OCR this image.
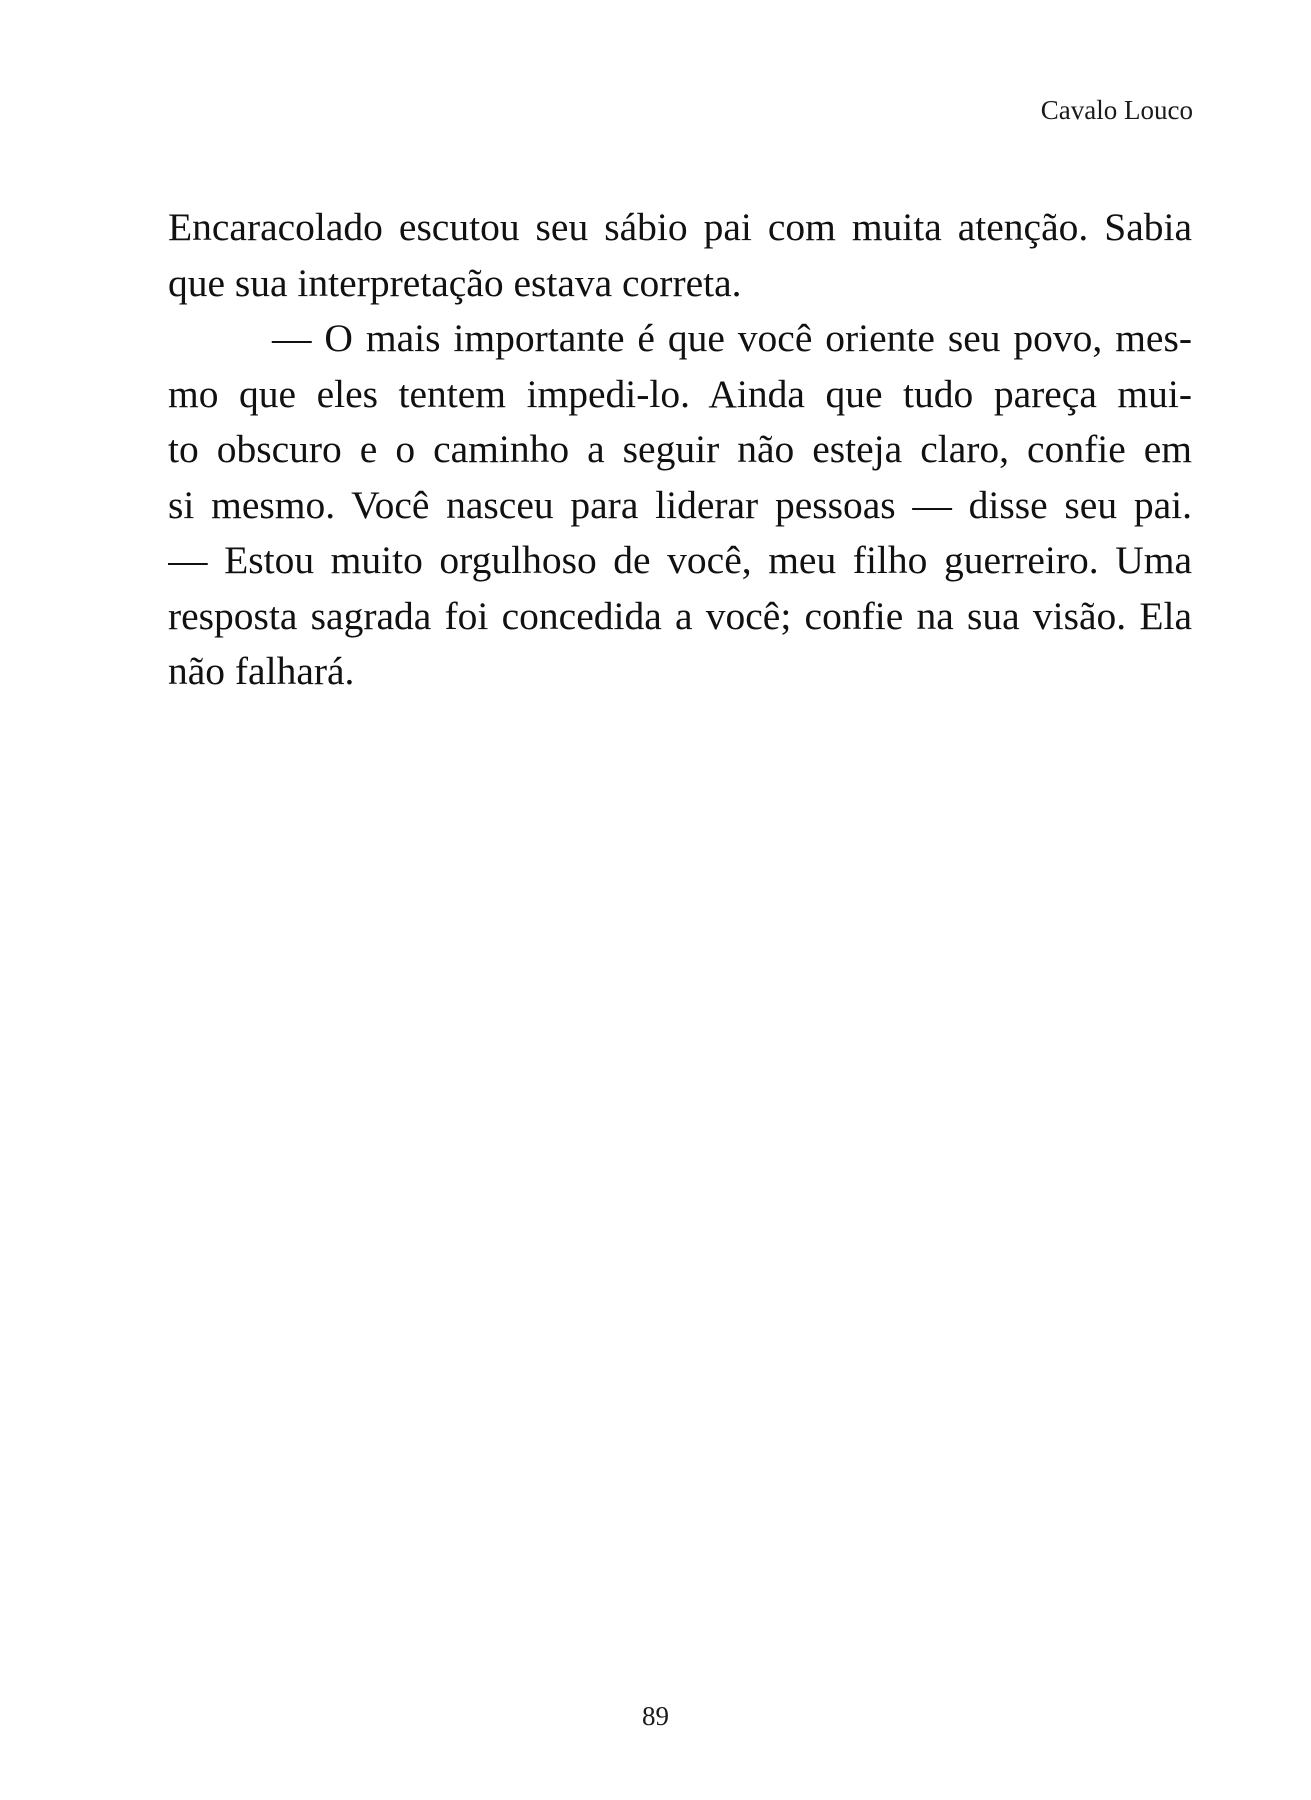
Cavalo Louco
Encaracolado escutou seu sábio pai com muita atenção. Sabia
que sua interpretação estava correta.
— O mais importante é que você oriente seu povo, mes-
mo que eles tentem impedi-lo. Ainda que tudo pareça mui-
to obscuro e o caminho a seguir não esteja claro, confie em
si mesmo. Você nasceu para liderar pessoas — disse seu pai.
— Estou muito orgulhoso de você, meu filho guerreiro. Uma
resposta sagrada foi concedida a você; confie na sua visão. Ela
não falhará.
89
